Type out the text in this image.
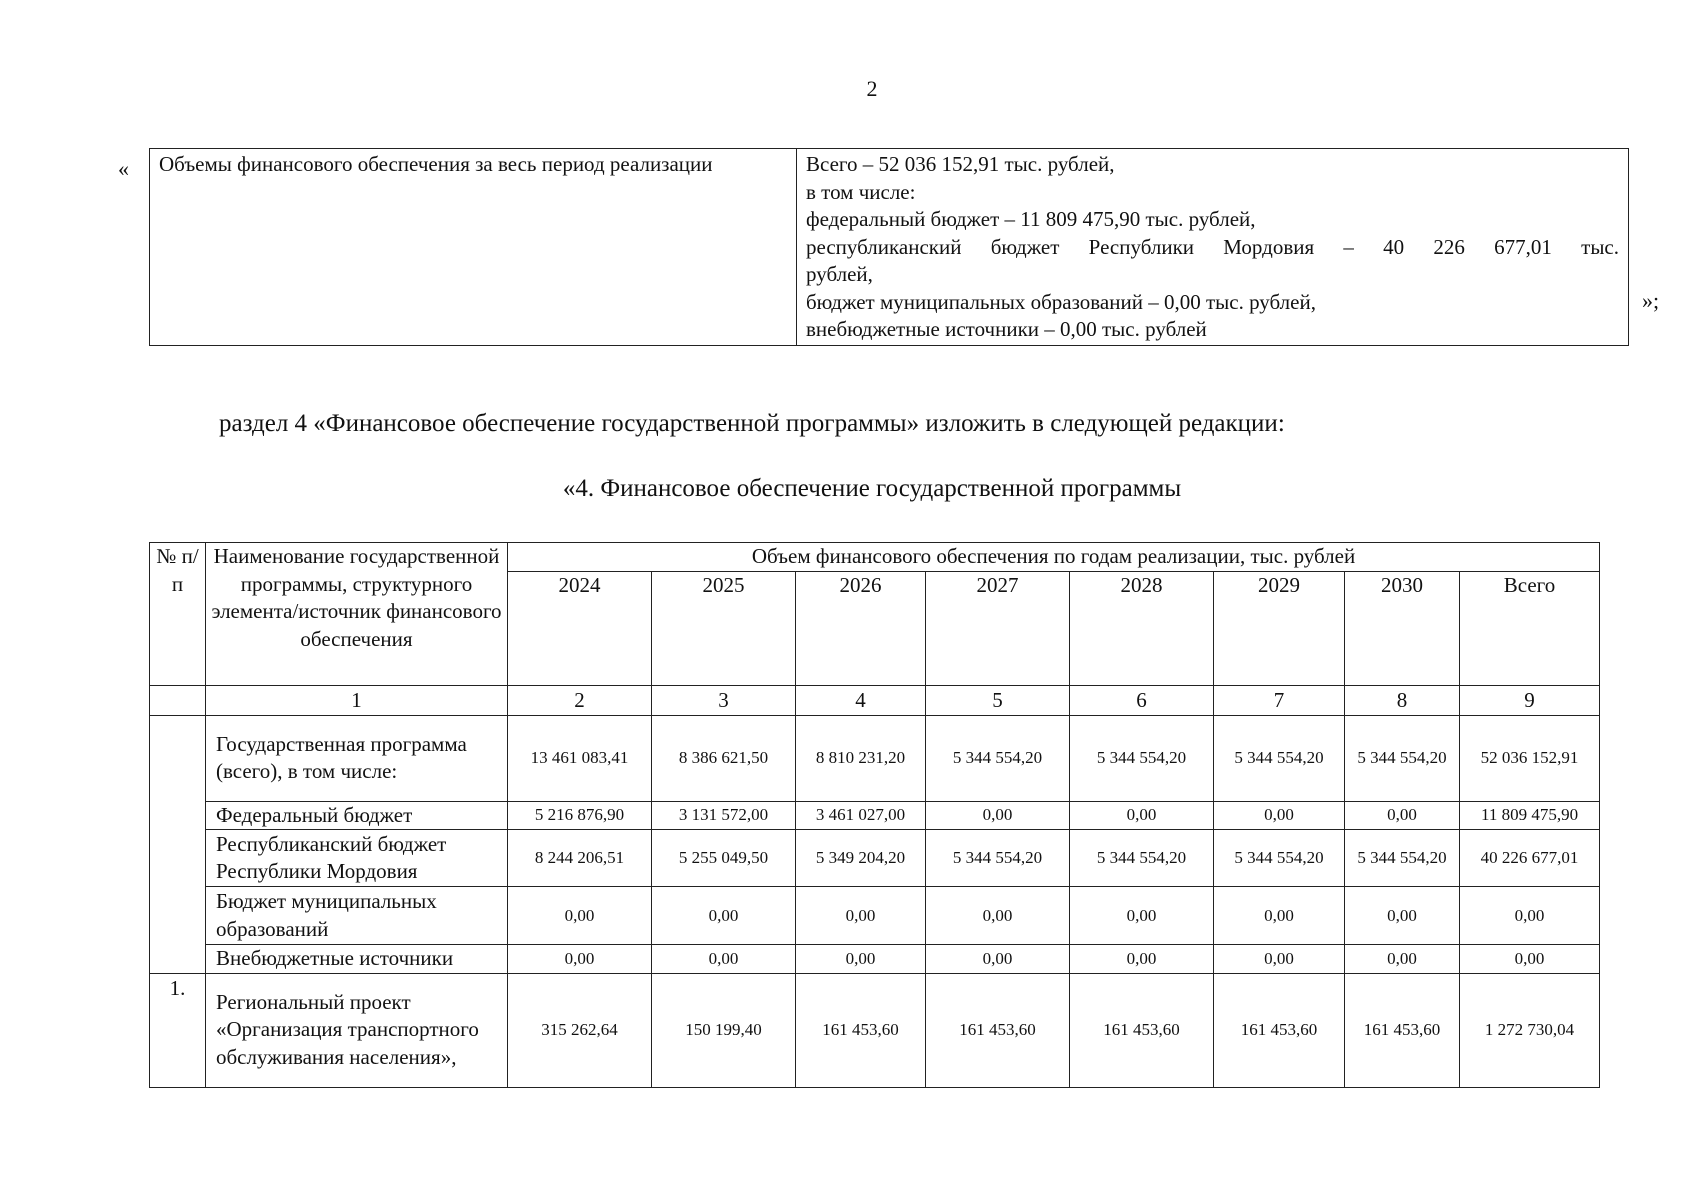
2
« Объемы финансового обеспечения за весь период реализации	Всего – 52 036 152,91 тыс. рублей,
в том числе:
федеральный бюджет – 11 809 475,90 тыс. рублей,
республиканский бюджет Республики Мордовия – 40 226 677,01 тыс.
рублей,
бюджет муниципальных образований – 0,00 тыс. рублей,
внебюджетные источники – 0,00 тыс. рублей
»;
раздел 4 «Финансовое обеспечение государственной программы» изложить в следующей редакции:
«4. Финансовое обеспечение государственной программы
№ п/п	Наименование государственной программы, структурного элемента/источник финансового обеспечения	Объем финансового обеспечения по годам реализации, тыс. рублей							
		2024	2025	2026	2027	2028	2029	2030	Всего
	1	2	3	4	5	6	7	8	9
	Государственная программа (всего), в том числе:	13 461 083,41	8 386 621,50	8 810 231,20	5 344 554,20	5 344 554,20	5 344 554,20	5 344 554,20	52 036 152,91
	Федеральный бюджет	5 216 876,90	3 131 572,00	3 461 027,00	0,00	0,00	0,00	0,00	11 809 475,90
	Республиканский бюджет Республики Мордовия	8 244 206,51	5 255 049,50	5 349 204,20	5 344 554,20	5 344 554,20	5 344 554,20	5 344 554,20	40 226 677,01
	Бюджет муниципальных образований	0,00	0,00	0,00	0,00	0,00	0,00	0,00	0,00
	Внебюджетные источники	0,00	0,00	0,00	0,00	0,00	0,00	0,00	0,00
1.	Региональный проект «Организация транспортного обслуживания населения»,	315 262,64	150 199,40	161 453,60	161 453,60	161 453,60	161 453,60	161 453,60	1 272 730,04
